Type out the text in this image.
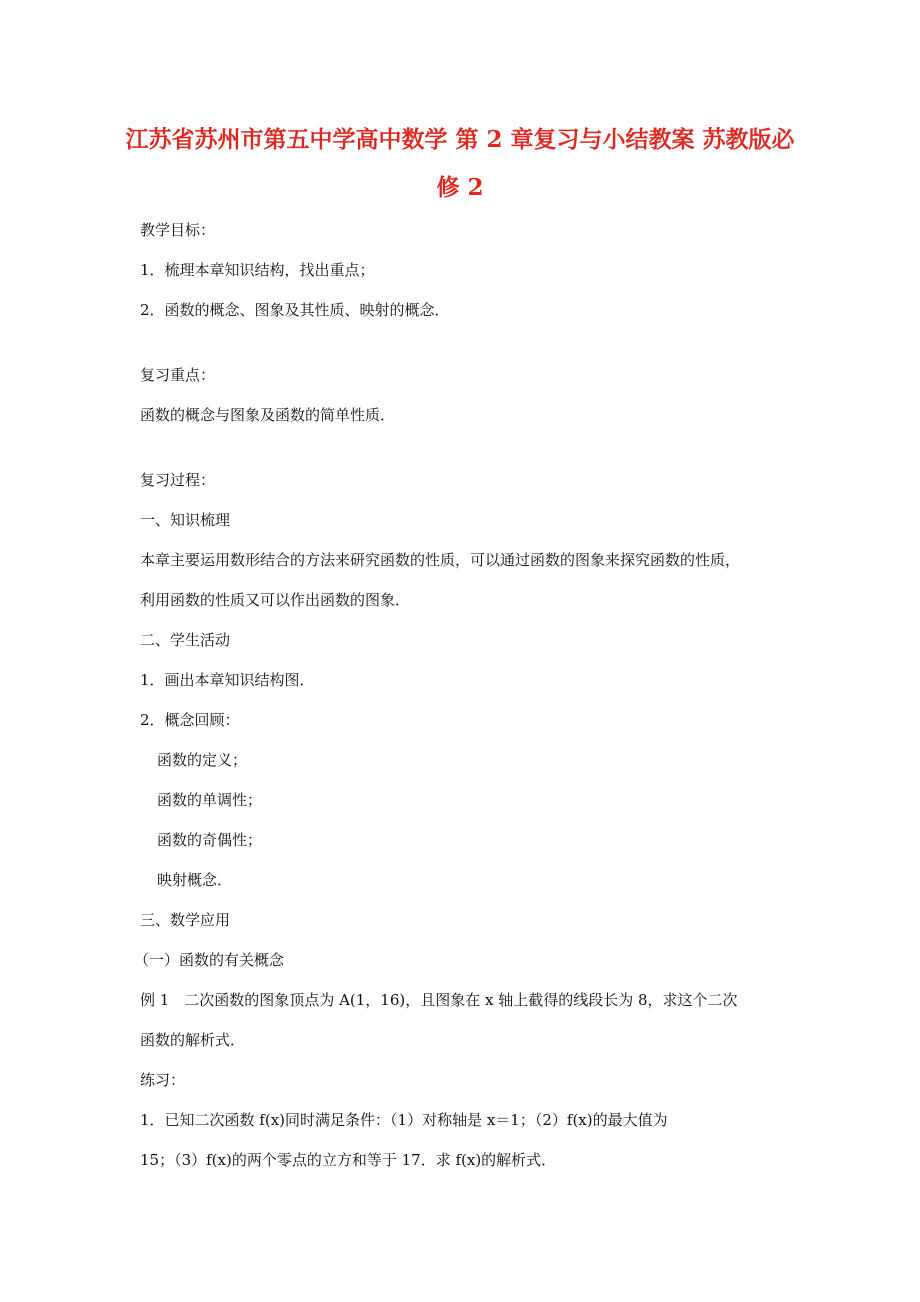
江苏省苏州市第五中学高中数学 第 2 章复习与小结教案 苏教版必
修 2
教学目标：
1．梳理本章知识结构，找出重点；
2．函数的概念、图象及其性质、映射的概念．
复习重点：
函数的概念与图象及函数的简单性质．
复习过程：
一、知识梳理
本章主要运用数形结合的方法来研究函数的性质，可以通过函数的图象来探究函数的性质，
利用函数的性质又可以作出函数的图象．
二、学生活动
1．画出本章知识结构图．
2．概念回顾：
函数的定义；
函数的单调性；
函数的奇偶性；
映射概念．
三、数学应用
（一）函数的有关概念
例 1　二次函数的图象顶点为 A(1，16)，且图象在 x 轴上截得的线段长为 8，求这个二次
函数的解析式．
练习：
1．已知二次函数 f(x)同时满足条件：（1）对称轴是 x＝1；（2）f(x)的最大值为
15；（3）f(x)的两个零点的立方和等于 17．求 f(x)的解析式．
